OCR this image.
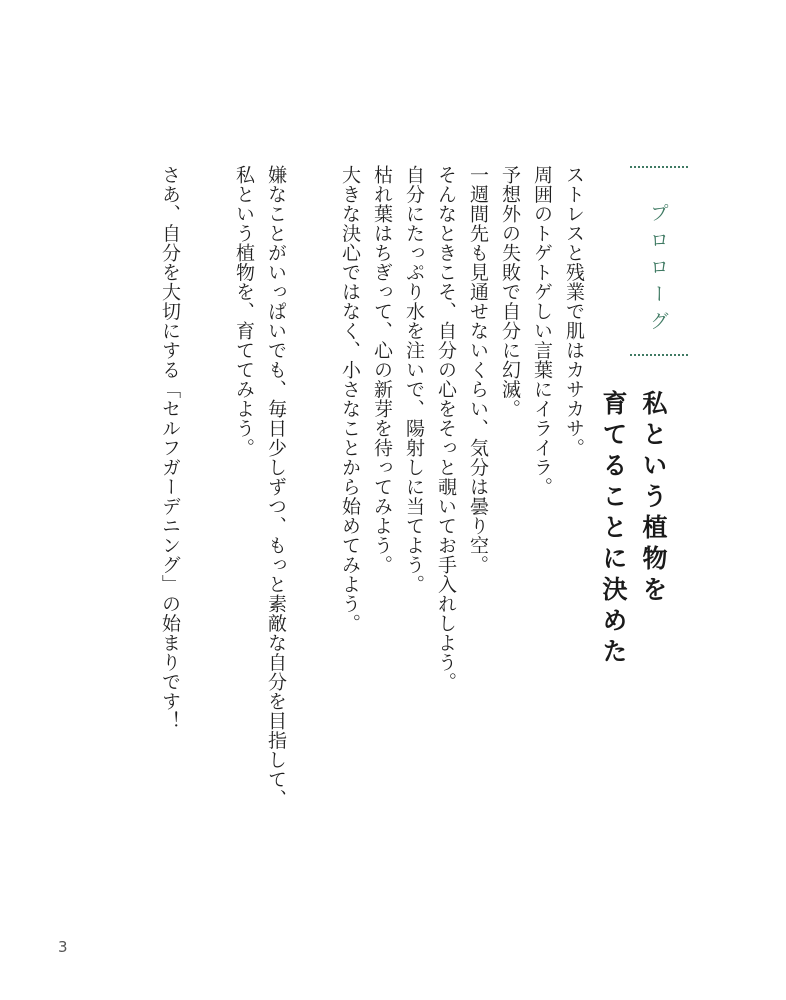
プロローグ
私という植物を
育てることに決めた
ストレスと残業で肌はカサカサ。
周囲のトゲトゲしい言葉にイライラ。
予想外の失敗で自分に幻滅。
一週間先も見通せないくらい、気分は曇り空。
そんなときこそ、自分の心をそっと覗いてお手入れしよう。
自分にたっぷり水を注いで、陽射しに当てよう。
枯れ葉はちぎって、心の新芽を待ってみよう。
大きな決心ではなく、小さなことから始めてみよう。
嫌なことがいっぱいでも、毎日少しずつ、もっと素敵な自分を目指して、
私という植物を、育ててみよう。
さあ、自分を大切にする「セルフガーデニング」の始まりです！
3
